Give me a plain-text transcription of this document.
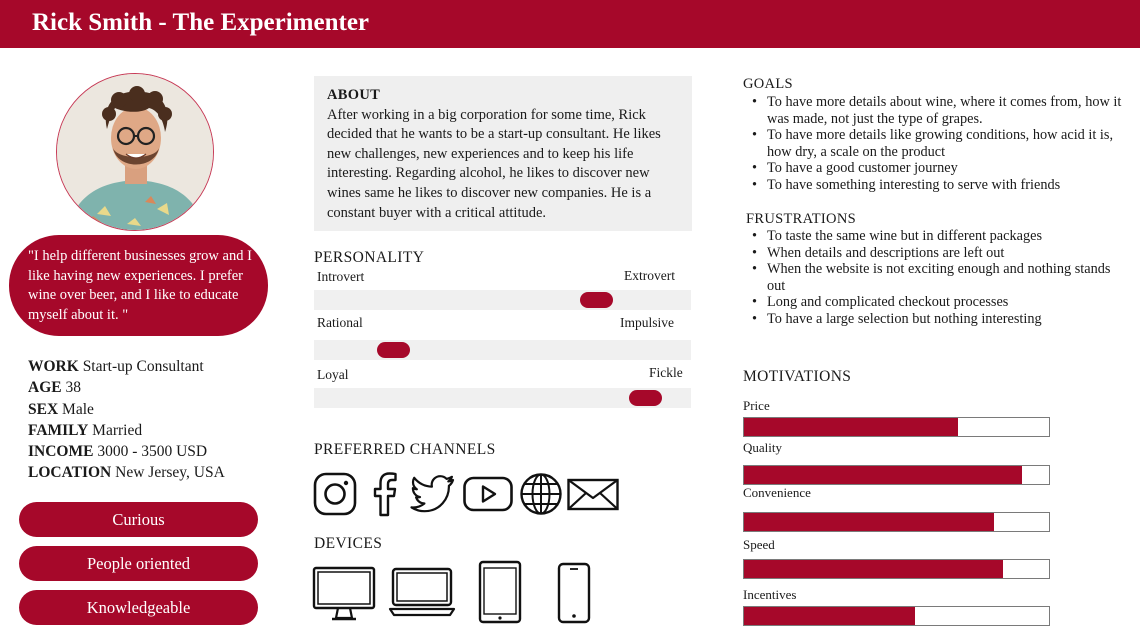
Rick Smith - The Experimenter
"I help different businesses grow and I like having new experiences. I prefer wine over beer, and I like to educate myself about it. "
WORK Start-up Consultant
AGE 38
SEX Male
FAMILY Married
INCOME 3000 - 3500 USD
LOCATION New Jersey, USA
Curious
People oriented
Knowledgeable
ABOUT
After working in a big corporation for some time, Rick decided that he wants to be a start-up consultant. He likes new challenges, new experiences and to keep his life interesting. Regarding alcohol, he likes to discover new wines same he likes to discover new companies. He is a constant buyer with a critical attitude.
PERSONALITY
Introvert	Extrovert
Rational	Impulsive
Loyal	Fickle
PREFERRED CHANNELS
DEVICES
GOALS
• To have more details about wine, where it comes from, how it was made, not just the type of grapes.
• To have more details like growing conditions, how acid it is, how dry, a scale on the product
• To have a good customer journey
• To have something interesting to serve with friends
FRUSTRATIONS
• To taste the same wine but in different packages
• When details and descriptions are left out
• When the website is not exciting enough and nothing stands out
• Long and complicated checkout processes
• To have a large selection but nothing interesting
MOTIVATIONS
Price
Quality
Convenience
Speed
Incentives
